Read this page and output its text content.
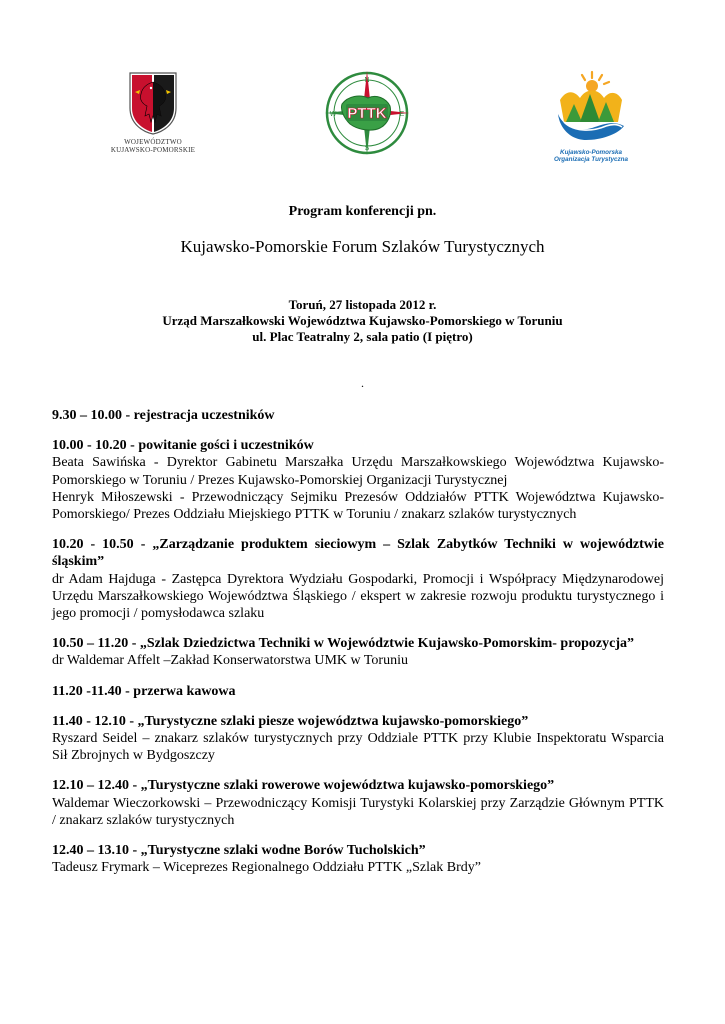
WOJEWÓDZTWO
KUJAWSKO-POMORSKIE
PTTK
N
E
S
W
Kujawsko-Pomorska
Organizacja Turystyczna
Program konferencji pn.
Kujawsko-Pomorskie Forum Szlaków Turystycznych
Toruń, 27 listopada 2012 r.
Urząd Marszałkowski Województwa Kujawsko-Pomorskiego w Toruniu
ul. Plac Teatralny 2, sala patio (I piętro)
.
9.30 – 10.00 - rejestracja uczestników
10.00 - 10.20 - powitanie gości i uczestników
Beata Sawińska - Dyrektor Gabinetu Marszałka Urzędu Marszałkowskiego Województwa Kujawsko-Pomorskiego w Toruniu / Prezes Kujawsko-Pomorskiej Organizacji Turystycznej
Henryk Miłoszewski - Przewodniczący Sejmiku Prezesów Oddziałów PTTK Województwa Kujawsko-Pomorskiego/ Prezes Oddziału Miejskiego PTTK w Toruniu / znakarz szlaków turystycznych
10.20 - 10.50 - „Zarządzanie produktem sieciowym – Szlak Zabytków Techniki w województwie śląskim”
dr Adam Hajduga - Zastępca Dyrektora Wydziału Gospodarki, Promocji i Współpracy Międzynarodowej Urzędu Marszałkowskiego Województwa Śląskiego / ekspert w zakresie rozwoju produktu turystycznego i jego promocji / pomysłodawca szlaku
10.50 – 11.20 - „Szlak Dziedzictwa Techniki w Województwie Kujawsko-Pomorskim- propozycja”
dr Waldemar Affelt –Zakład Konserwatorstwa UMK w Toruniu
11.20 -11.40 - przerwa kawowa
11.40 - 12.10 - „Turystyczne szlaki piesze województwa kujawsko-pomorskiego”
Ryszard Seidel – znakarz szlaków turystycznych przy Oddziale PTTK przy Klubie Inspektoratu Wsparcia Sił Zbrojnych w Bydgoszczy
12.10 – 12.40 - „Turystyczne szlaki rowerowe województwa kujawsko-pomorskiego”
Waldemar Wieczorkowski – Przewodniczący Komisji Turystyki Kolarskiej przy Zarządzie Głównym PTTK / znakarz szlaków turystycznych
12.40 – 13.10 - „Turystyczne szlaki wodne Borów Tucholskich”
Tadeusz Frymark – Wiceprezes Regionalnego Oddziału PTTK „Szlak Brdy”
